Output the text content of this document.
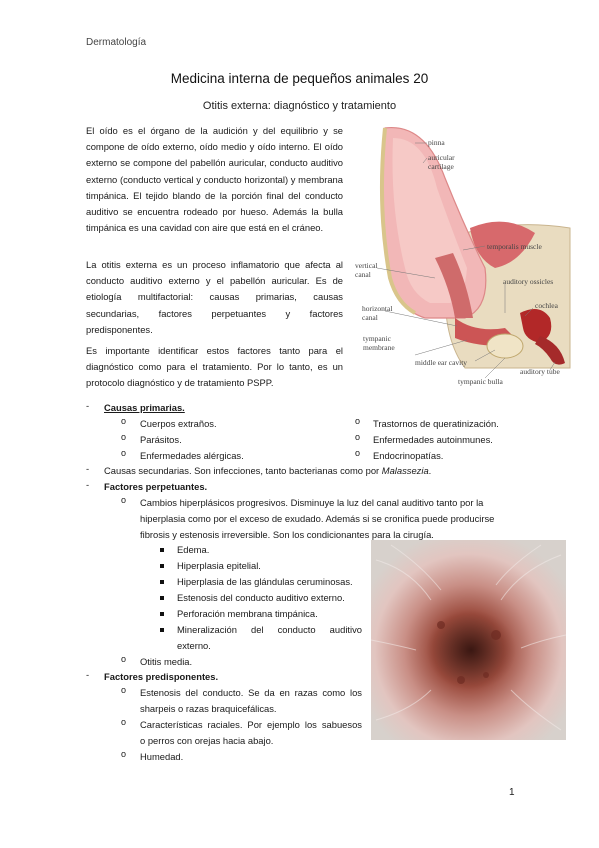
Dermatología
Medicina interna de pequeños animales 20
Otitis externa: diagnóstico y tratamiento

El oído es el órgano de la audición y del equilibrio y se compone de oído externo, oído medio y oído interno. El oído externo se compone del pabellón auricular, conducto auditivo externo (conducto vertical y conducto horizontal) y membrana timpánica. El tejido blando de la porción final del conducto auditivo se encuentra rodeado por hueso. Además la bulla timpánica es una cavidad con aire que está en el cráneo.

La otitis externa es un proceso inflamatorio que afecta al conducto auditivo externo y el pabellón auricular. Es de etiología multifactorial: causas primarias, causas secundarias, factores perpetuantes y factores predisponentes.

Es importante identificar estos factores tanto para el diagnóstico como para el tratamiento. Por lo tanto, es un protocolo diagnóstico y de tratamiento PSPP.

pinna
auricular
cartilage
temporalis muscle
vertical
canal
auditory ossicles
cochlea
horizontal
canal
tympanic
membrane
middle ear cavity
auditory tube
tympanic bulla
- Causas primarias.
o Cuerpos extraños.
o Parásitos.
o Enfermedades alérgicas.
o Trastornos de queratinización.
o Enfermedades autoinmunes.
o Endocrinopatías.
- Causas secundarias. Son infecciones, tanto bacterianas como por Malassezia.
- Factores perpetuantes.
o Cambios hiperplásicos progresivos. Disminuye la luz del canal auditivo tanto por la
hiperplasia como por el exceso de exudado. Además si se cronifica puede producirse
fibrosis y estenosis irreversible. Son los condicionantes para la cirugía.
Edema.
Hiperplasia epitelial.
Hiperplasia de las glándulas ceruminosas.
Estenosis del conducto auditivo externo.
Perforación membrana timpánica.
Mineralización del conducto auditivo
externo.
o Otitis media.
- Factores predisponentes.
o Estenosis del conducto. Se da en razas como los
sharpeis o razas braquicefálicas.
o Características raciales. Por ejemplo los sabuesos
o perros con orejas hacia abajo.
o Humedad.
1
